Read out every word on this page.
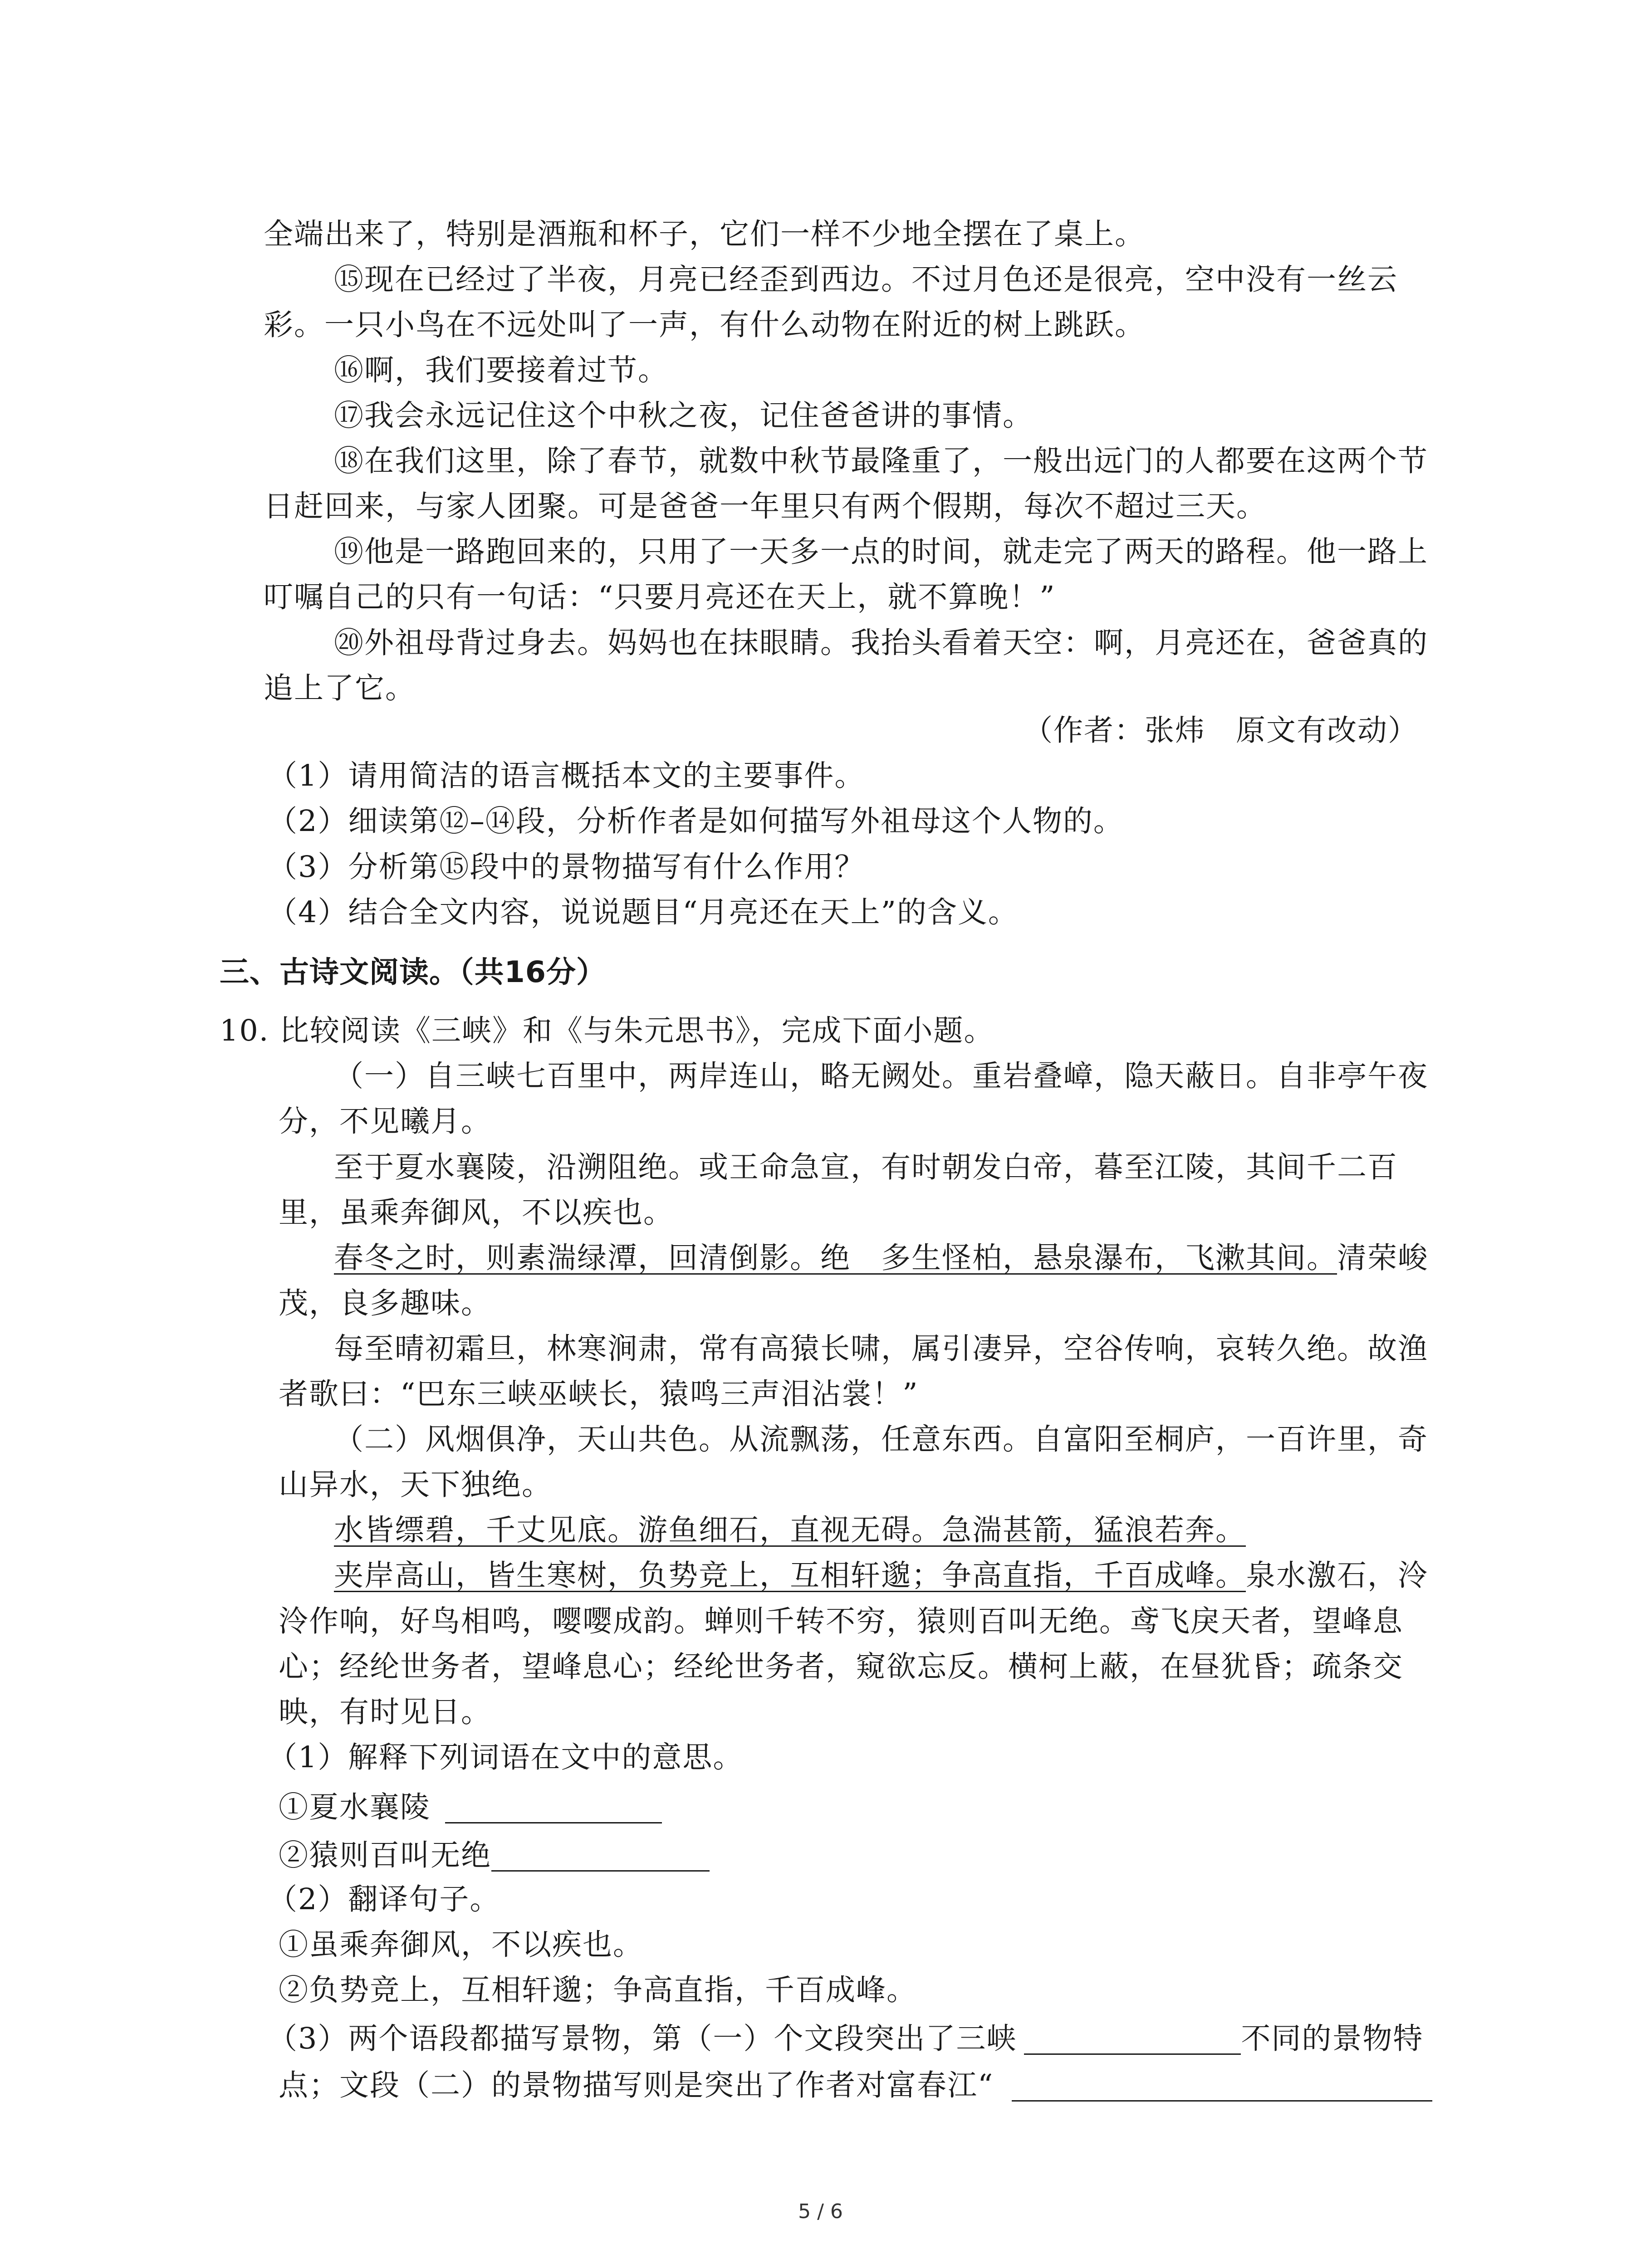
全端出来了，特别是酒瓶和杯子，它们一样不少地全摆在了桌上。
⑮现在已经过了半夜，月亮已经歪到西边。不过月色还是很亮，空中没有一丝云
彩。一只小鸟在不远处叫了一声，有什么动物在附近的树上跳跃。
⑯啊，我们要接着过节。
⑰我会永远记住这个中秋之夜，记住爸爸讲的事情。
⑱在我们这里，除了春节，就数中秋节最隆重了，一般出远门的人都要在这两个节
日赶回来，与家人团聚。可是爸爸一年里只有两个假期，每次不超过三天。
⑲他是一路跑回来的，只用了一天多一点的时间，就走完了两天的路程。他一路上
叮嘱自己的只有一句话：“只要月亮还在天上，就不算晚！”
⑳外祖母背过身去。妈妈也在抹眼睛。我抬头看着天空：啊，月亮还在，爸爸真的
追上了它。
（作者：张炜　原文有改动）
（1）请用简洁的语言概括本文的主要事件。
（2）细读第⑫–⑭段，分析作者是如何描写外祖母这个人物的。
（3）分析第⑮段中的景物描写有什么作用？
（4）结合全文内容，说说题目“月亮还在天上”的含义。
三、古诗文阅读。（共16分）
10. 比较阅读《三峡》和《与朱元思书》，完成下面小题。
（一）自三峡七百里中，两岸连山，略无阙处。重岩叠嶂，隐天蔽日。自非亭午夜
分，不见曦月。
至于夏水襄陵，沿溯阻绝。或王命急宣，有时朝发白帝，暮至江陵，其间千二百
里，虽乘奔御风，不以疾也。
春冬之时，则素湍绿潭，回清倒影。绝　多生怪柏，悬泉瀑布，飞漱其间。清荣峻
茂，良多趣味。
每至晴初霜旦，林寒涧肃，常有高猿长啸，属引凄异，空谷传响，哀转久绝。故渔
者歌曰：“巴东三峡巫峡长，猿鸣三声泪沾裳！”
（二）风烟俱净，天山共色。从流飘荡，任意东西。自富阳至桐庐，一百许里，奇
山异水，天下独绝。
水皆缥碧，千丈见底。游鱼细石，直视无碍。急湍甚箭，猛浪若奔。
夹岸高山，皆生寒树，负势竞上，互相轩邈；争高直指，千百成峰。泉水激石，泠
泠作响，好鸟相鸣，嘤嘤成韵。蝉则千转不穷，猿则百叫无绝。鸢飞戾天者，望峰息
心；经纶世务者，望峰息心；经纶世务者，窥欲忘反。横柯上蔽，在昼犹昏；疏条交
映，有时见日。
（1）解释下列词语在文中的意思。
①夏水襄陵
②猿则百叫无绝
（2）翻译句子。
①虽乘奔御风，不以疾也。
②负势竞上，互相轩邈；争高直指，千百成峰。
（3）两个语段都描写景物，第（一）个文段突出了三峡	不同的景物特
点；文段（二）的景物描写则是突出了作者对富春江“
5 / 6
